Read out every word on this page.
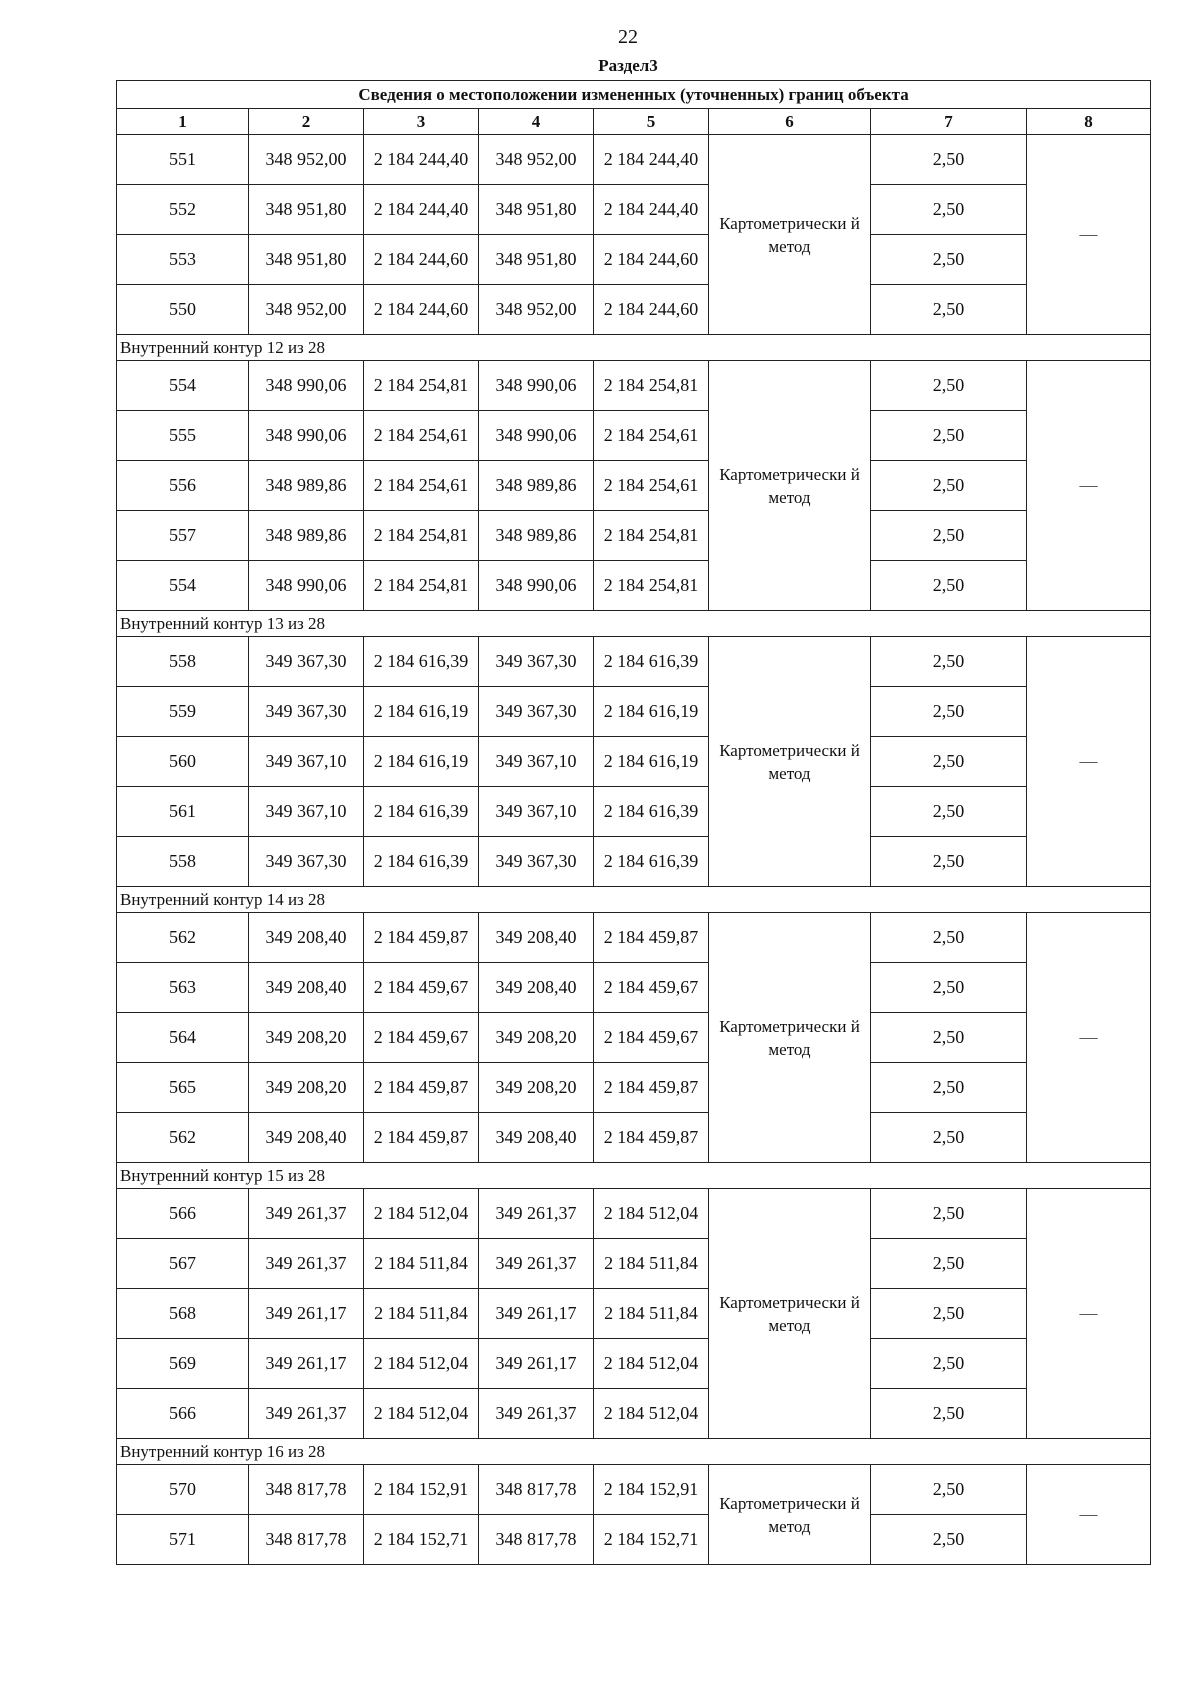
22
Раздел3
Сведения о местоположении измененных (уточненных) границ объекта							
1	2	3	4	5	6	7	8
551	348 952,00	2 184 244,40	348 952,00	2 184 244,40	Картометрически й метод	2,50	—
552	348 951,80	2 184 244,40	348 951,80	2 184 244,40		2,50	
553	348 951,80	2 184 244,60	348 951,80	2 184 244,60		2,50	
550	348 952,00	2 184 244,60	348 952,00	2 184 244,60		2,50	
Внутренний контур 12 из 28							
554	348 990,06	2 184 254,81	348 990,06	2 184 254,81	Картометрически й метод	2,50	—
555	348 990,06	2 184 254,61	348 990,06	2 184 254,61		2,50	
556	348 989,86	2 184 254,61	348 989,86	2 184 254,61		2,50	
557	348 989,86	2 184 254,81	348 989,86	2 184 254,81		2,50	
554	348 990,06	2 184 254,81	348 990,06	2 184 254,81		2,50	
Внутренний контур 13 из 28							
558	349 367,30	2 184 616,39	349 367,30	2 184 616,39	Картометрически й метод	2,50	—
559	349 367,30	2 184 616,19	349 367,30	2 184 616,19		2,50	
560	349 367,10	2 184 616,19	349 367,10	2 184 616,19		2,50	
561	349 367,10	2 184 616,39	349 367,10	2 184 616,39		2,50	
558	349 367,30	2 184 616,39	349 367,30	2 184 616,39		2,50	
Внутренний контур 14 из 28							
562	349 208,40	2 184 459,87	349 208,40	2 184 459,87	Картометрически й метод	2,50	—
563	349 208,40	2 184 459,67	349 208,40	2 184 459,67		2,50	
564	349 208,20	2 184 459,67	349 208,20	2 184 459,67		2,50	
565	349 208,20	2 184 459,87	349 208,20	2 184 459,87		2,50	
562	349 208,40	2 184 459,87	349 208,40	2 184 459,87		2,50	
Внутренний контур 15 из 28							
566	349 261,37	2 184 512,04	349 261,37	2 184 512,04	Картометрически й метод	2,50	—
567	349 261,37	2 184 511,84	349 261,37	2 184 511,84		2,50	
568	349 261,17	2 184 511,84	349 261,17	2 184 511,84		2,50	
569	349 261,17	2 184 512,04	349 261,17	2 184 512,04		2,50	
566	349 261,37	2 184 512,04	349 261,37	2 184 512,04		2,50	
Внутренний контур 16 из 28							
570	348 817,78	2 184 152,91	348 817,78	2 184 152,91	Картометрически й метод	2,50	—
571	348 817,78	2 184 152,71	348 817,78	2 184 152,71		2,50	
